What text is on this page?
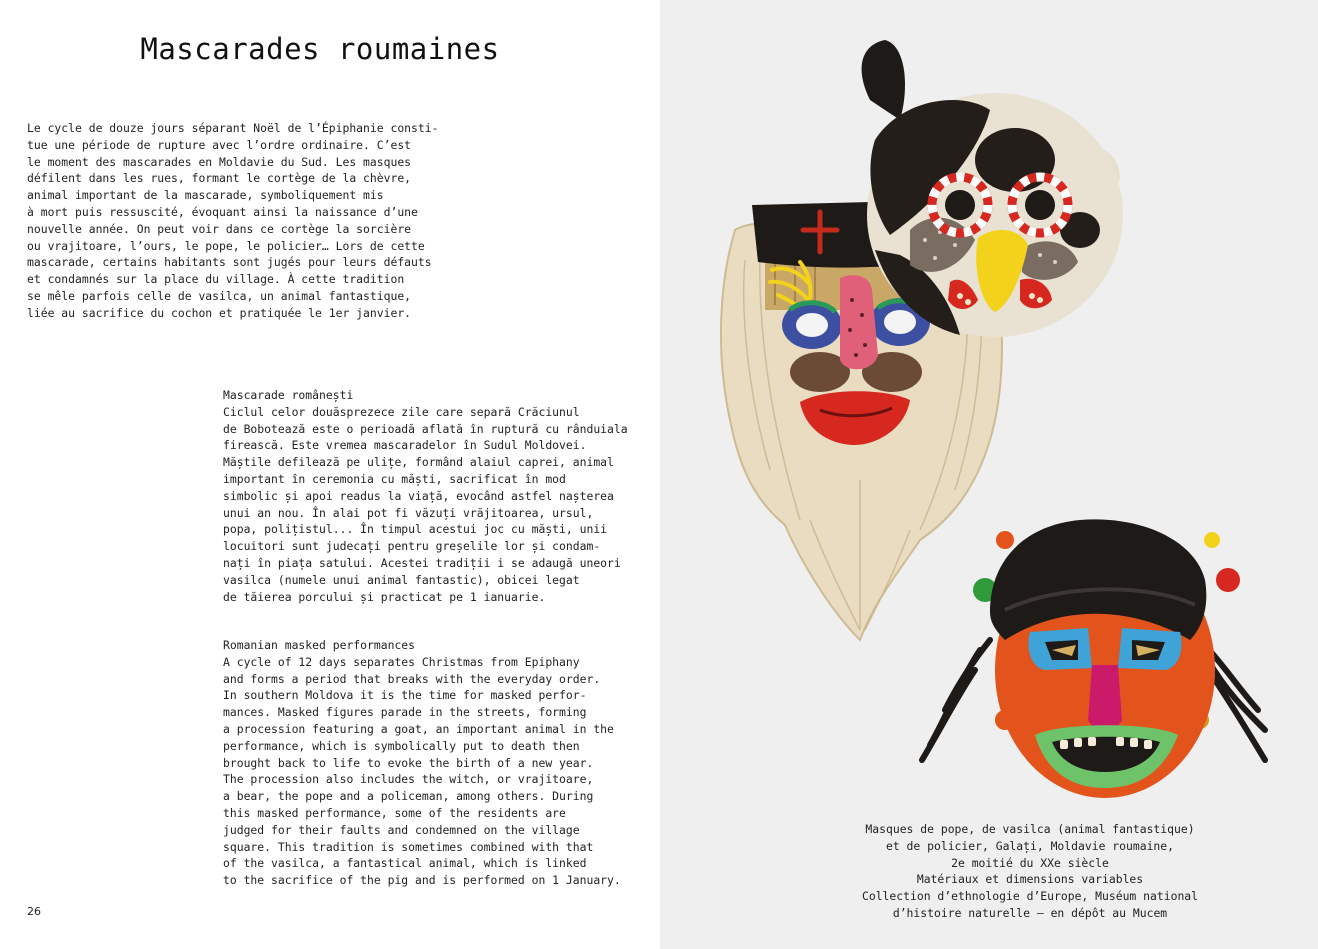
Mascarades roumaines

Le cycle de douze jours séparant Noël de l’Épiphanie consti-
tue une période de rupture avec l’ordre ordinaire. C’est
le moment des mascarades en Moldavie du Sud. Les masques
défilent dans les rues, formant le cortège de la chèvre,
animal important de la mascarade, symboliquement mis
à mort puis ressuscité, évoquant ainsi la naissance d’une
nouvelle année. On peut voir dans ce cortège la sorcière
ou vrajitoare, l’ours, le pope, le policier… Lors de cette
mascarade, certains habitants sont jugés pour leurs défauts
et condamnés sur la place du village. À cette tradition
se mêle parfois celle de vasilca, un animal fantastique,
liée au sacrifice du cochon et pratiquée le 1er janvier.

Mascarade românești
Ciclul celor douăsprezece zile care separă Crăciunul
de Bobotează este o perioadă aflată în ruptură cu rânduiala
firească. Este vremea mascaradelor în Sudul Moldovei.
Măștile defilează pe ulițe, formând alaiul caprei, animal
important în ceremonia cu măști, sacrificat în mod
simbolic și apoi readus la viață, evocând astfel nașterea
unui an nou. În alai pot fi văzuți vrăjitoarea, ursul,
popa, polițistul... În timpul acestui joc cu măști, unii
locuitori sunt judecați pentru greșelile lor și condam-
nați în piața satului. Acestei tradiții i se adaugă uneori
vasilca (numele unui animal fantastic), obicei legat
de tăierea porcului și practicat pe 1 ianuarie.

Romanian masked performances
A cycle of 12 days separates Christmas from Epiphany
and forms a period that breaks with the everyday order.
In southern Moldova it is the time for masked perfor-
mances. Masked figures parade in the streets, forming
a procession featuring a goat, an important animal in the
performance, which is symbolically put to death then
brought back to life to evoke the birth of a new year.
The procession also includes the witch, or vrajitoare,
a bear, the pope and a policeman, among others. During
this masked performance, some of the residents are
judged for their faults and condemned on the village
square. This tradition is sometimes combined with that
of the vasilca, a fantastical animal, which is linked
to the sacrifice of the pig and is performed on 1 January.

26
Masques de pope, de vasilca (animal fantastique)
et de policier, Galați, Moldavie roumaine,
2e moitié du XXe siècle
Matériaux et dimensions variables
Collection d’ethnologie d’Europe, Muséum national
d’histoire naturelle – en dépôt au Mucem
